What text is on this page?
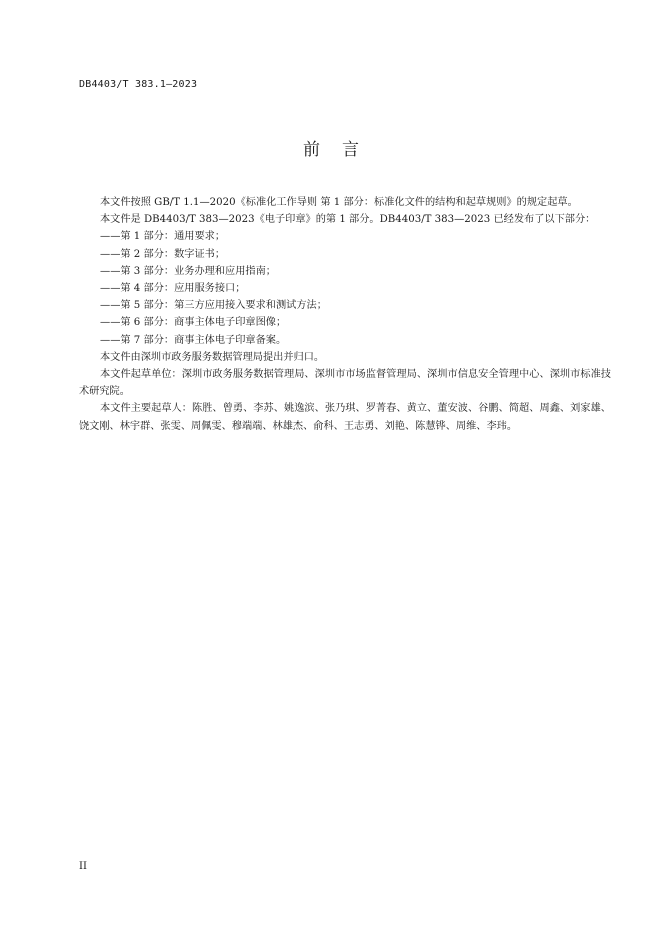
DB4403/T 383.1—2023
前言

本文件按照 GB/T 1.1—2020《标准化工作导则 第 1 部分：标准化文件的结构和起草规则》的规定起草。

本文件是 DB4403/T 383—2023《电子印章》的第 1 部分。DB4403/T 383—2023 已经发布了以下部分：

——第 1 部分：通用要求；

——第 2 部分：数字证书；

——第 3 部分：业务办理和应用指南；

——第 4 部分：应用服务接口；

——第 5 部分：第三方应用接入要求和测试方法；

——第 6 部分：商事主体电子印章图像；

——第 7 部分：商事主体电子印章备案。

本文件由深圳市政务服务数据管理局提出并归口。

本文件起草单位：深圳市政务服务数据管理局、深圳市市场监督管理局、深圳市信息安全管理中心、深圳市标准技术研究院。

本文件主要起草人：陈胜、曾勇、李苏、姚逸滨、张乃琪、罗菁春、黄立、董安波、谷鹏、简超、周鑫、刘家雄、饶文刚、林宇群、张雯、周佩雯、穆端端、林雄杰、俞科、王志勇、刘艳、陈慧铧、周维、李玮。

II
